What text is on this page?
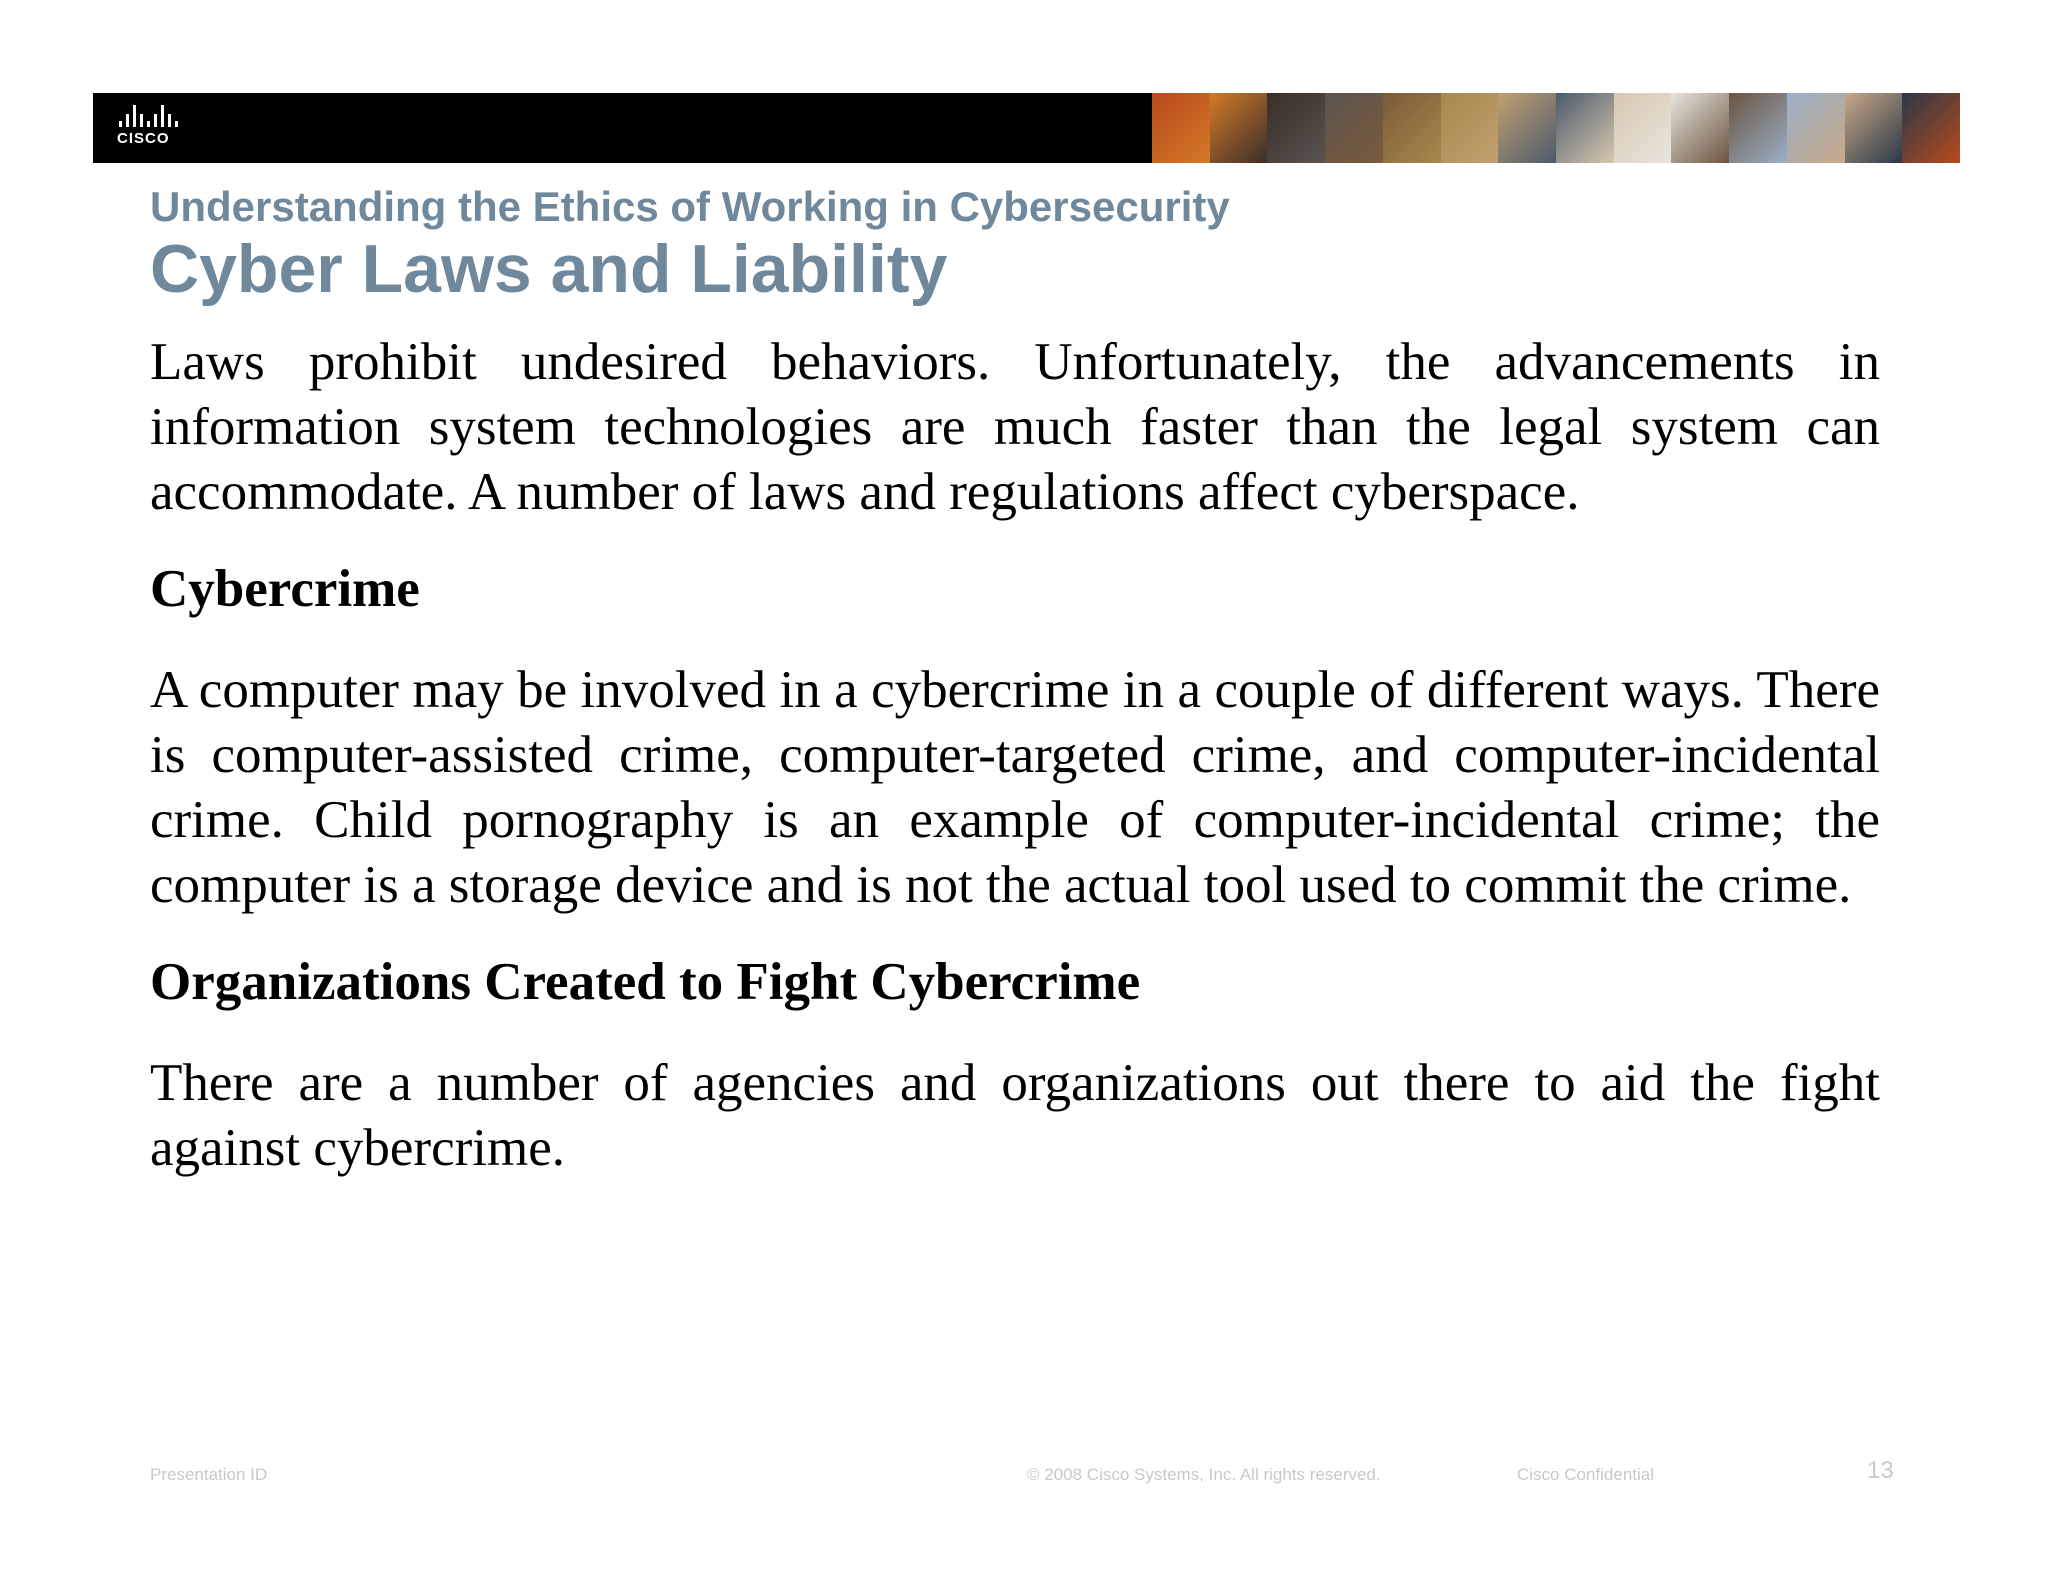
CISCO
Understanding the Ethics of Working in Cybersecurity
Cyber Laws and Liability

Laws prohibit undesired behaviors. Unfortunately, the advancements in information system technologies are much faster than the legal system can accommodate. A number of laws and regulations affect cyberspace.

Cybercrime

A computer may be involved in a cybercrime in a couple of different ways. There is computer-assisted crime, computer-targeted crime, and computer-incidental crime. Child pornography is an example of computer-incidental crime; the computer is a storage device and is not the actual tool used to commit the crime.

Organizations Created to Fight Cybercrime

There are a number of agencies and organizations out there to aid the fight against cybercrime.

Presentation ID	© 2008 Cisco Systems, Inc. All rights reserved.	Cisco Confidential	13
